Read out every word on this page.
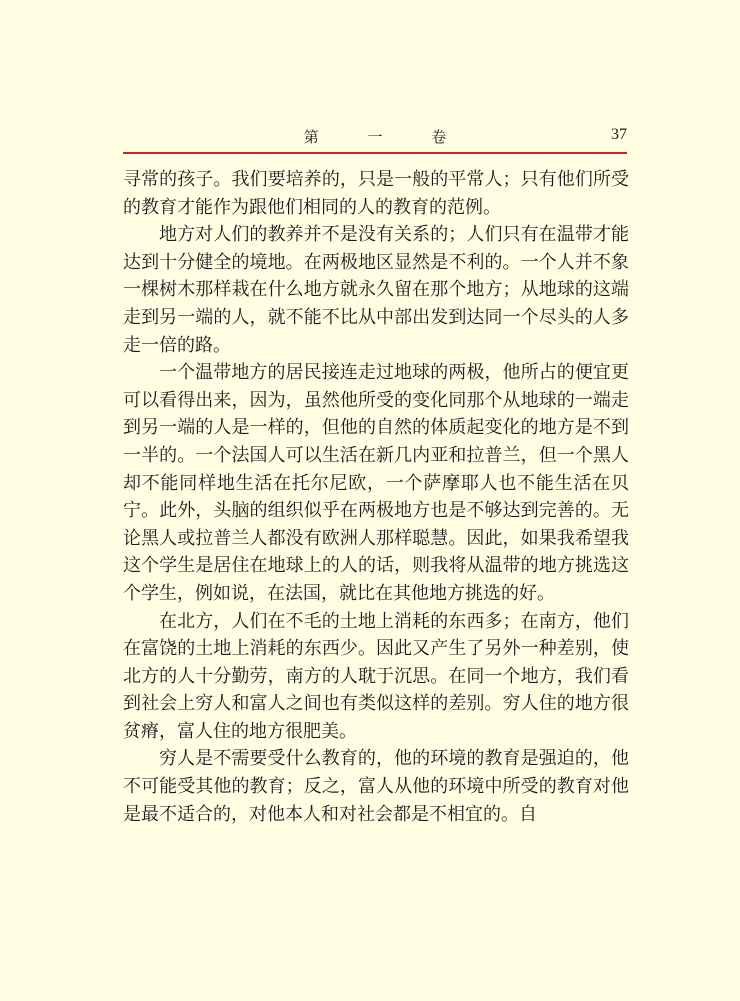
第 一 卷	37

寻常的孩子。我们要培养的，只是一般的平常人；只有他们所受的教育才能作为跟他们相同的人的教育的范例。

地方对人们的教养并不是没有关系的；人们只有在温带才能达到十分健全的境地。在两极地区显然是不利的。一个人并不象一棵树木那样栽在什么地方就永久留在那个地方；从地球的这端走到另一端的人，就不能不比从中部出发到达同一个尽头的人多走一倍的路。

一个温带地方的居民接连走过地球的两极，他所占的便宜更可以看得出来，因为，虽然他所受的变化同那个从地球的一端走到另一端的人是一样的，但他的自然的体质起变化的地方是不到一半的。一个法国人可以生活在新几内亚和拉普兰，但一个黑人却不能同样地生活在托尔尼欧，一个萨摩耶人也不能生活在贝宁。此外，头脑的组织似乎在两极地方也是不够达到完善的。无论黑人或拉普兰人都没有欧洲人那样聪慧。因此，如果我希望我这个学生是居住在地球上的人的话，则我将从温带的地方挑选这个学生，例如说，在法国，就比在其他地方挑选的好。

在北方，人们在不毛的土地上消耗的东西多；在南方，他们在富饶的土地上消耗的东西少。因此又产生了另外一种差别，使北方的人十分勤劳，南方的人耽于沉思。在同一个地方，我们看到社会上穷人和富人之间也有类似这样的差别。穷人住的地方很贫瘠，富人住的地方很肥美。

穷人是不需要受什么教育的，他的环境的教育是强迫的，他不可能受其他的教育；反之，富人从他的环境中所受的教育对他是最不适合的，对他本人和对社会都是不相宜的。自
